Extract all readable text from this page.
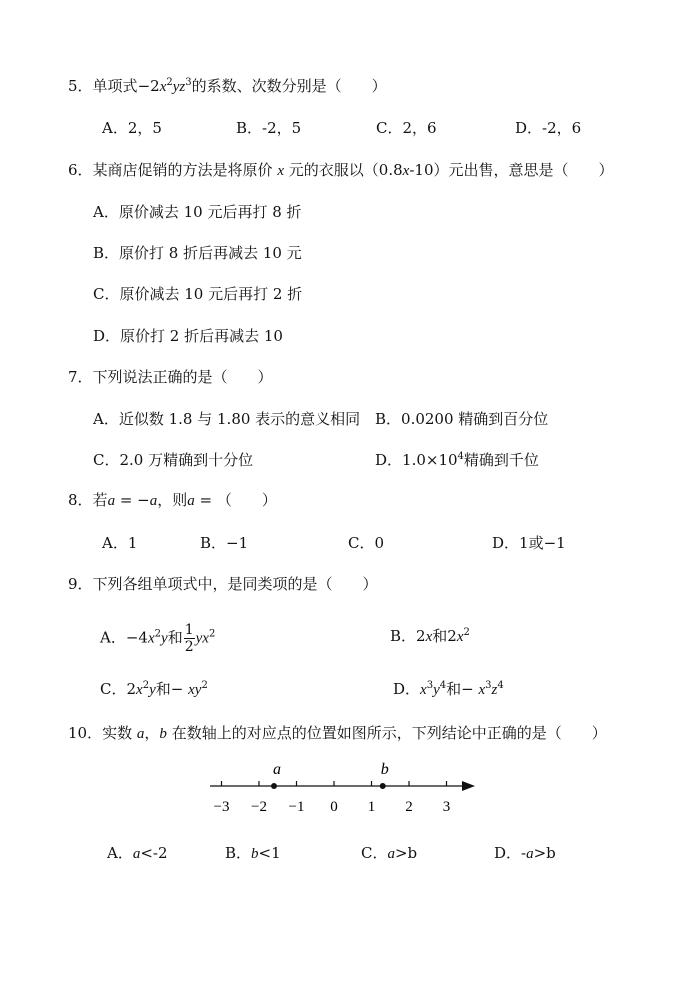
5．单项式$-2x^2yz^3$的系数、次数分别是（　　）
A．2，5	B．-2，5	C．2，6	D．-2，6
6．某商店促销的方法是将原价 x 元的衣服以（0.8x-10）元出售，意思是（　　）
A．原价减去 10 元后再打 8 折
B．原价打 8 折后再减去 10 元
C．原价减去 10 元后再打 2 折
D．原价打 2 折后再减去 10
7．下列说法正确的是（　　）
A．近似数 1.8 与 1.80 表示的意义相同 B．0.0200 精确到百分位
C．2.0 万精确到十分位	D．$1.0\times 10^4$精确到千位
8．若a = −a，则a = （　　）
A．1	B．−1	C．0	D．1或−1
9．下列各组单项式中，是同类项的是（　　）
A．$-4x^2y$和 $\frac{1}{2} yx^2$	B．2x和$2x^2$
C．$2x^2y$和− $xy^2$	D．$x^3y^4$和− $x^3z^4$
10．实数 a，b 在数轴上的对应点的位置如图所示，下列结论中正确的是（　　）
−3 −2 −1 0 1 2 3
a	b
A．a<-2	B．b<1	C．a>b	D．-a>b
